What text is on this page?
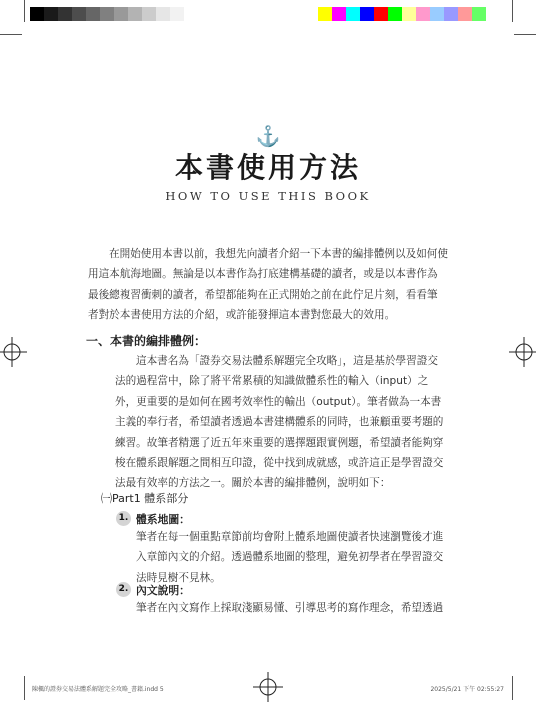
⚓
本書使用方法
HOW TO USE THIS BOOK
在開始使用本書以前，我想先向讀者介紹一下本書的編排體例以及如何使用這本航海地圖。無論是以本書作為打底建構基礎的讀者，或是以本書作為最後總複習衝刺的讀者，希望都能夠在正式開始之前在此佇足片刻，看看筆者對於本書使用方法的介紹，或許能發揮這本書對您最大的效用。
一、本書的編排體例：
這本書名為「證券交易法體系解題完全攻略」，這是基於學習證交法的過程當中，除了將平常累積的知識做體系性的輸入（input）之外，更重要的是如何在國考效率性的輸出（output）。筆者做為一本書主義的奉行者，希望讀者透過本書建構體系的同時，也兼顧重要考題的練習。故筆者精選了近五年來重要的選擇題跟實例題，希望讀者能夠穿梭在體系跟解題之間相互印證，從中找到成就感，或許這正是學習證交法最有效率的方法之一。關於本書的編排體例，說明如下：
㈠Part1 體系部分
1. 體系地圖：
筆者在每一個重點章節前均會附上體系地圖使讀者快速瀏覽後才進入章節內文的介紹。透過體系地圖的整理，避免初學者在學習證交法時見樹不見林。
2. 內文說明：
筆者在內文寫作上採取淺顯易懂、引導思考的寫作理念，希望透過
陳楓的證券交易法體系解題完全攻略_書籍.indd 5	2025/5/21 下午 02:55:27
